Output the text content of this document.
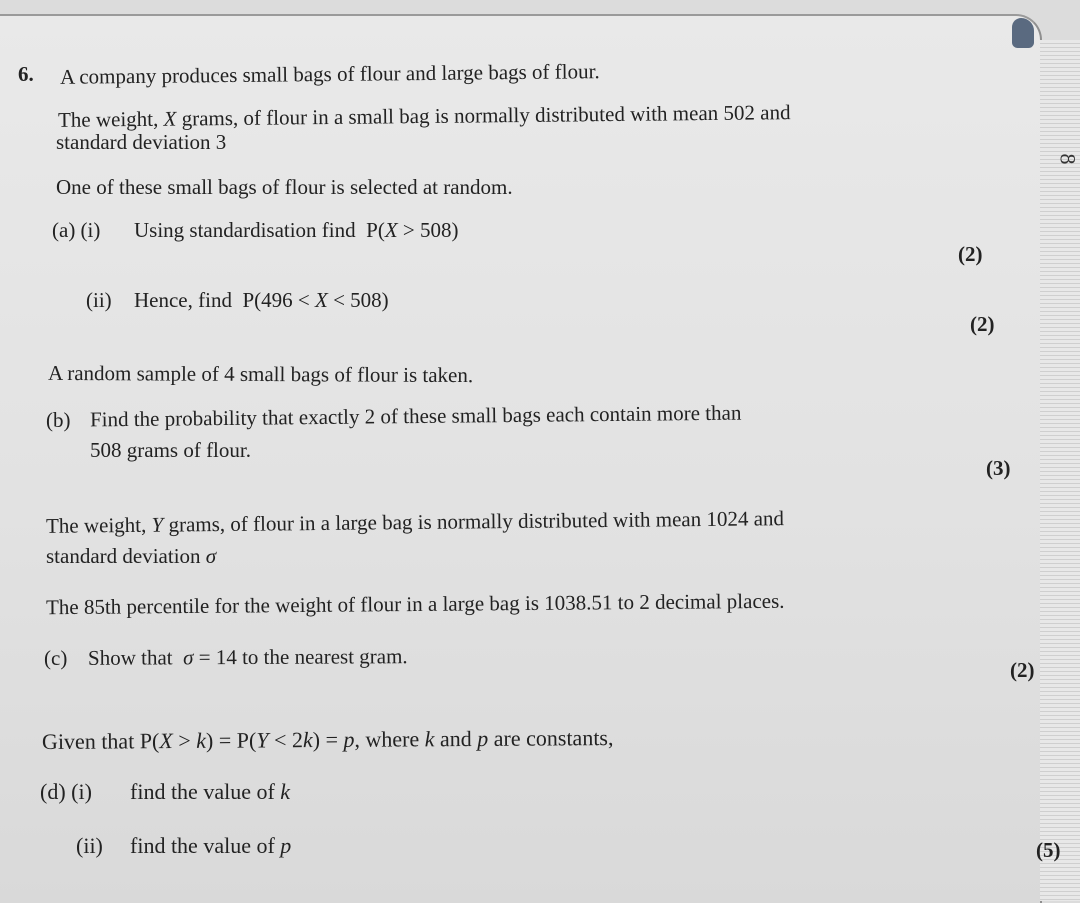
8
6. A company produces small bags of flour and large bags of flour.
The weight, X grams, of flour in a small bag is normally distributed with mean 502 and
standard deviation 3
One of these small bags of flour is selected at random.
(a) (i) Using standardisation find P(X > 508)
(2)
(ii) Hence, find P(496 < X < 508)
(2)
A random sample of 4 small bags of flour is taken.
(b) Find the probability that exactly 2 of these small bags each contain more than
508 grams of flour.
(3)
The weight, Y grams, of flour in a large bag is normally distributed with mean 1024 and
standard deviation σ
The 85th percentile for the weight of flour in a large bag is 1038.51 to 2 decimal places.
(c) Show that  σ = 14 to the nearest gram.
(2)
Given that P(X > k) = P(Y < 2k) = p, where k and p are constants,
(d) (i) find the value of k
(ii) find the value of p	(5)
